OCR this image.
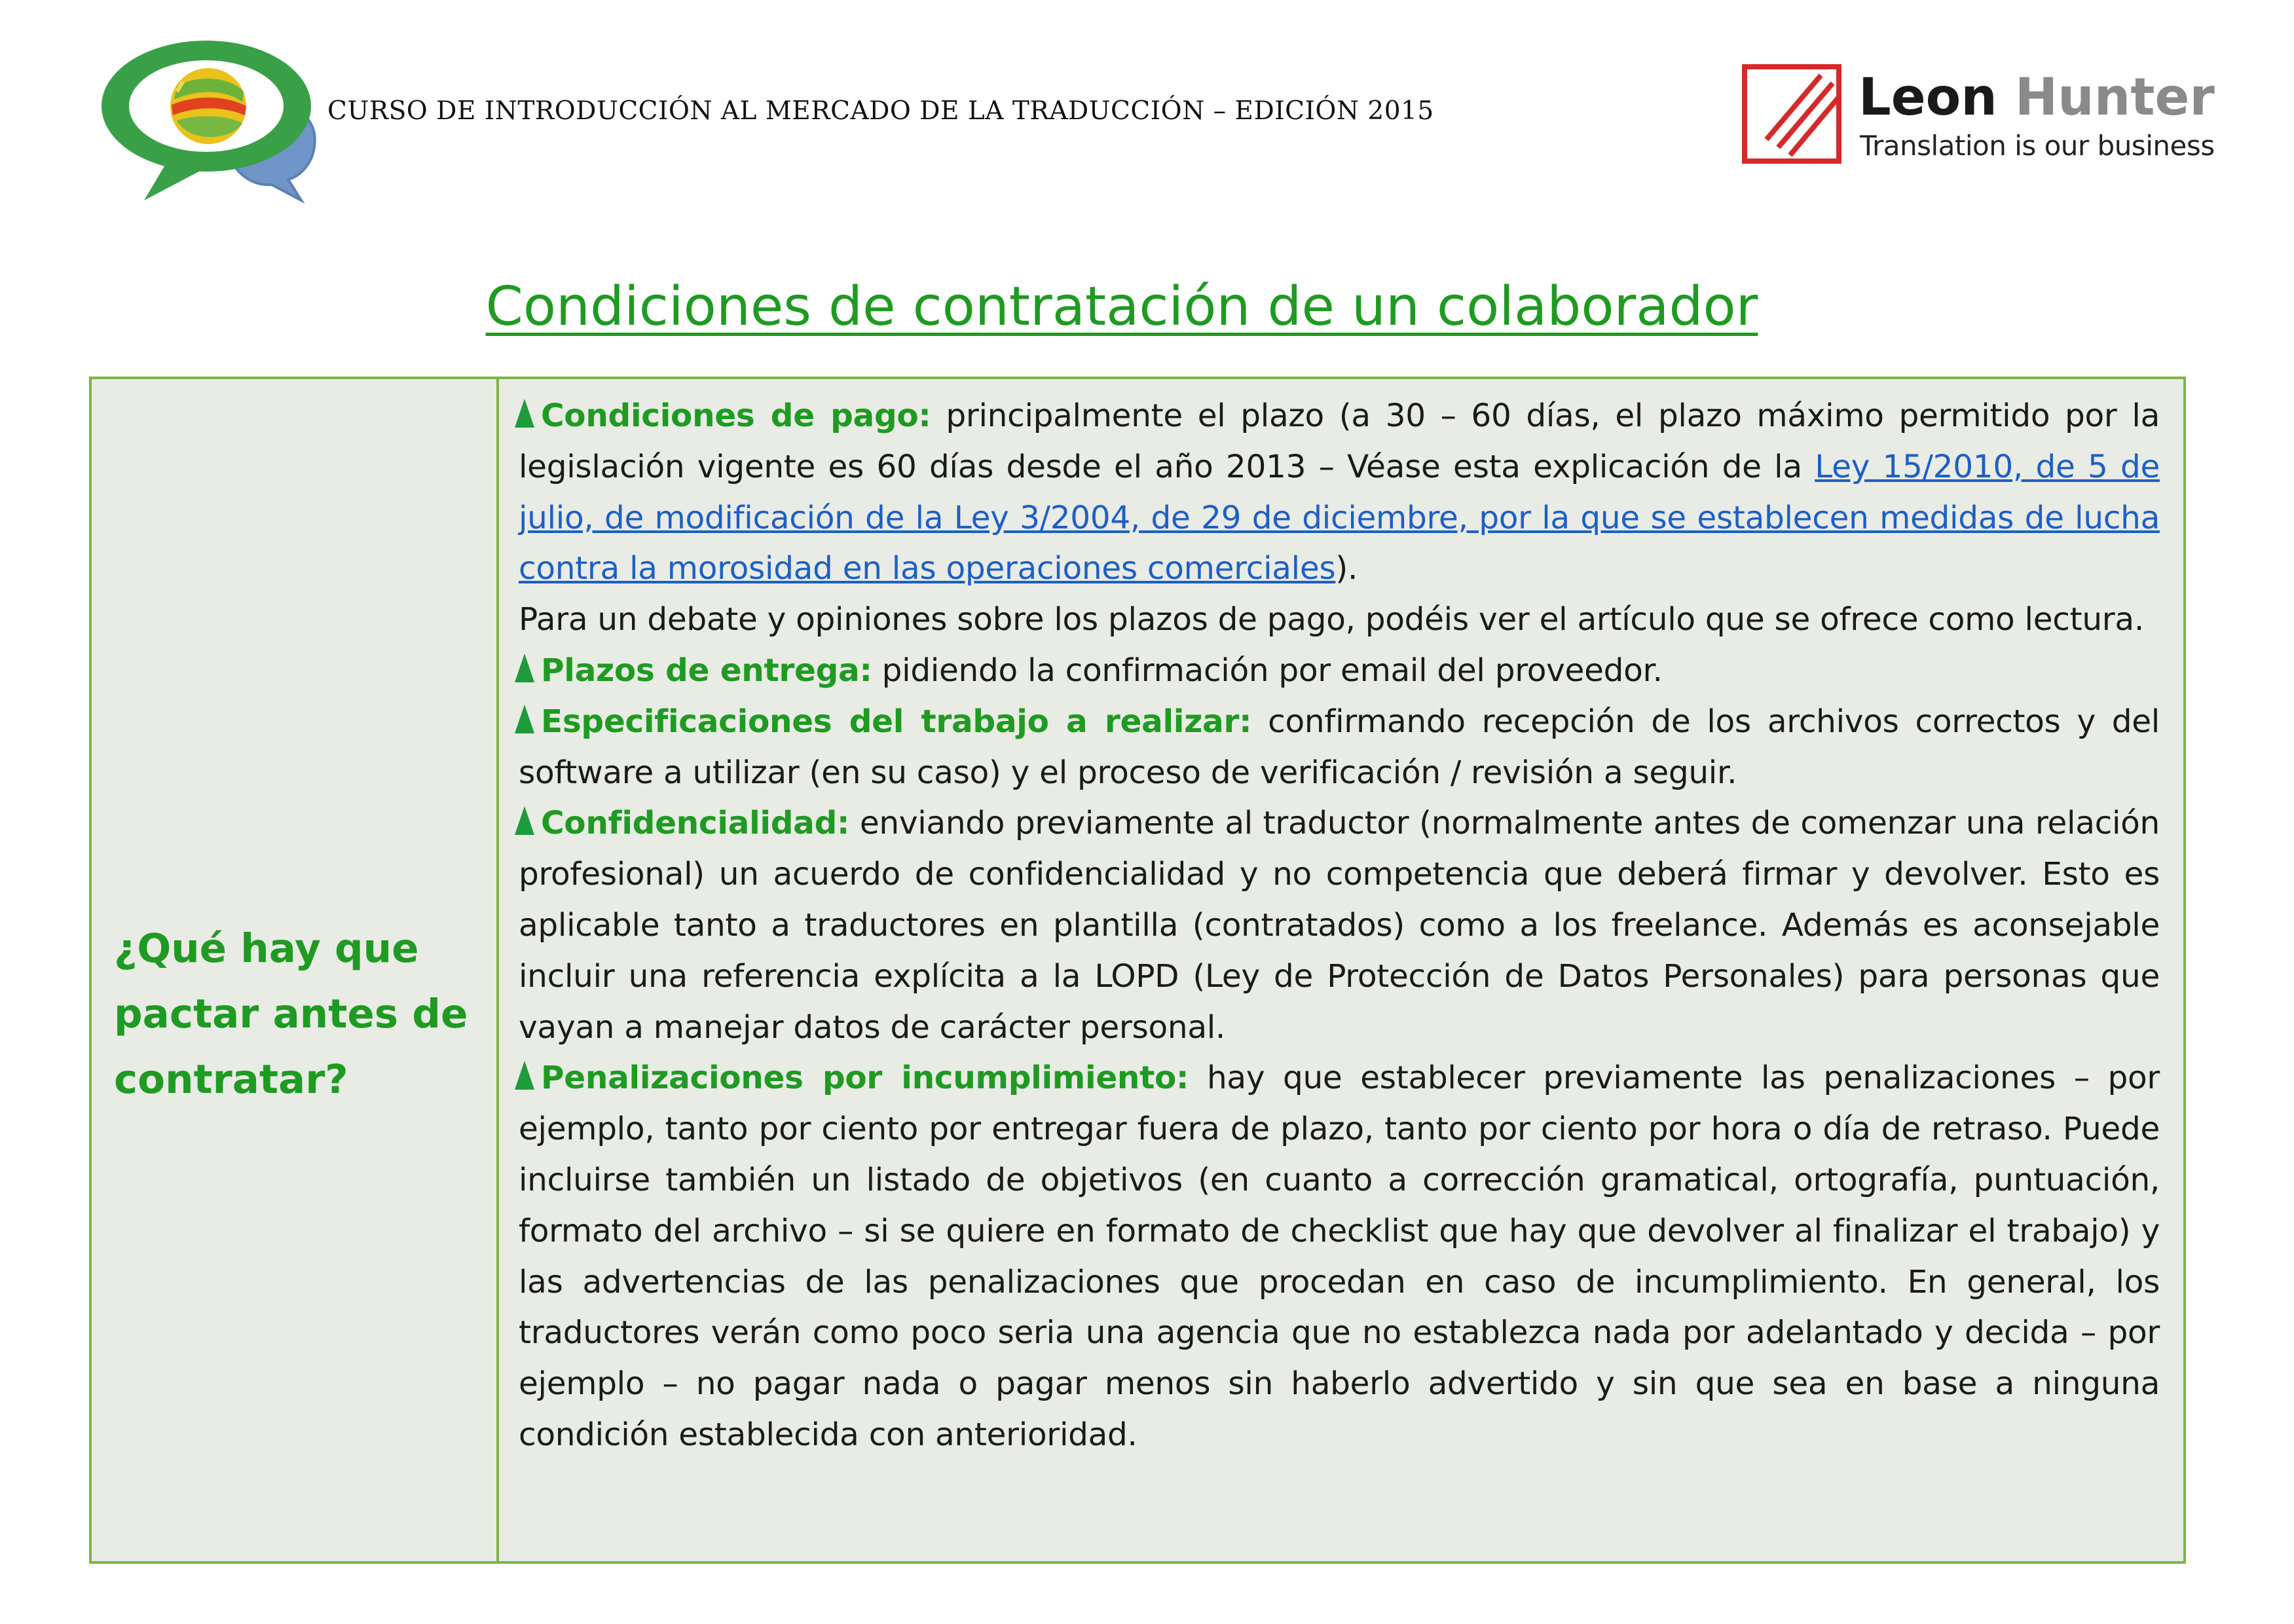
CURSO DE INTRODUCCIÓN AL MERCADO DE LA TRADUCCIÓN – EDICIÓN 2015	Leon Hunter
Translation is our business
Condiciones de contratación de un colaborador
¿Qué hay que pactar antes de contratar?

Condiciones de pago: principalmente el plazo (a 30 – 60 días, el plazo máximo permitido por la legislación vigente es 60 días desde el año 2013 – Véase esta explicación de la Ley 15/2010, de 5 de julio, de modificación de la Ley 3/2004, de 29 de diciembre, por la que se establecen medidas de lucha contra la morosidad en las operaciones comerciales).

Para un debate y opiniones sobre los plazos de pago, podéis ver el artículo que se ofrece como lectura.

Plazos de entrega: pidiendo la confirmación por email del proveedor.

Especificaciones del trabajo a realizar: confirmando recepción de los archivos correctos y del software a utilizar (en su caso) y el proceso de verificación / revisión a seguir.

Confidencialidad: enviando previamente al traductor (normalmente antes de comenzar una relación profesional) un acuerdo de confidencialidad y no competencia que deberá firmar y devolver. Esto es aplicable tanto a traductores en plantilla (contratados) como a los freelance. Además es aconsejable incluir una referencia explícita a la LOPD (Ley de Protección de Datos Personales) para personas que vayan a manejar datos de carácter personal.

Penalizaciones por incumplimiento: hay que establecer previamente las penalizaciones – por ejemplo, tanto por ciento por entregar fuera de plazo, tanto por ciento por hora o día de retraso. Puede incluirse también un listado de objetivos (en cuanto a corrección gramatical, ortografía, puntuación, formato del archivo – si se quiere en formato de checklist que hay que devolver al finalizar el trabajo) y las advertencias de las penalizaciones que procedan en caso de incumplimiento. En general, los traductores verán como poco seria una agencia que no establezca nada por adelantado y decida – por ejemplo – no pagar nada o pagar menos sin haberlo advertido y sin que sea en base a ninguna condición establecida con anterioridad.
